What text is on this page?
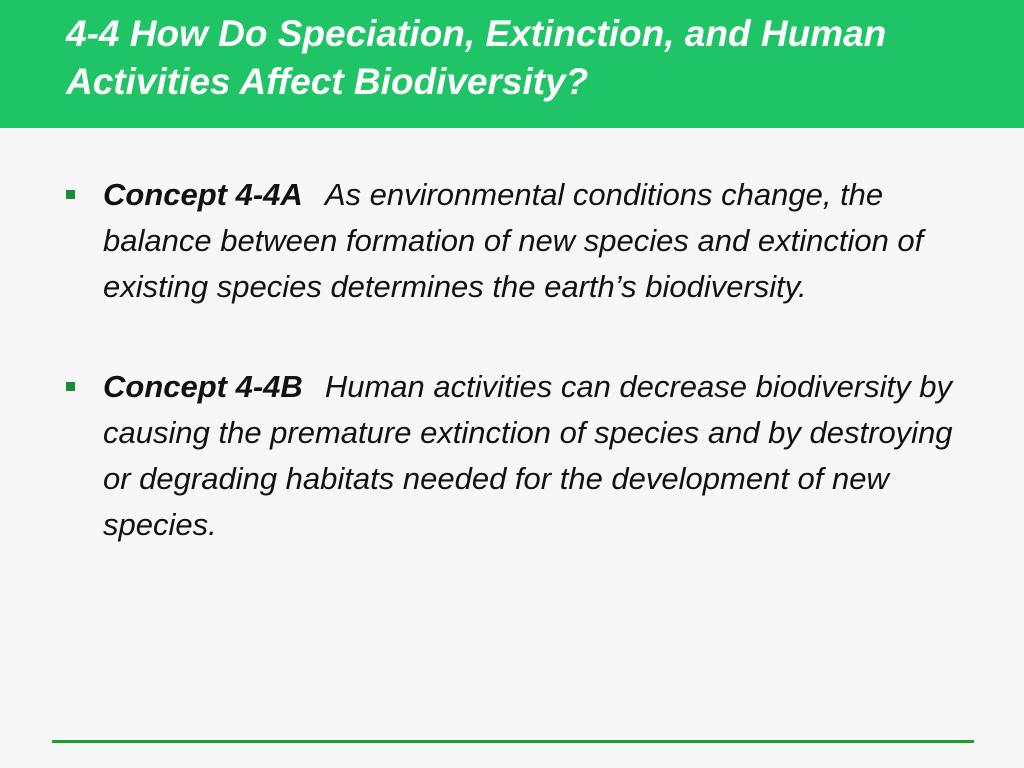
4-4 How Do Speciation, Extinction, and Human Activities Affect Biodiversity?
Concept 4-4A As environmental conditions change, the balance between formation of new species and extinction of existing species determines the earth’s biodiversity.
Concept 4-4B Human activities can decrease biodiversity by causing the premature extinction of species and by destroying or degrading habitats needed for the development of new species.
